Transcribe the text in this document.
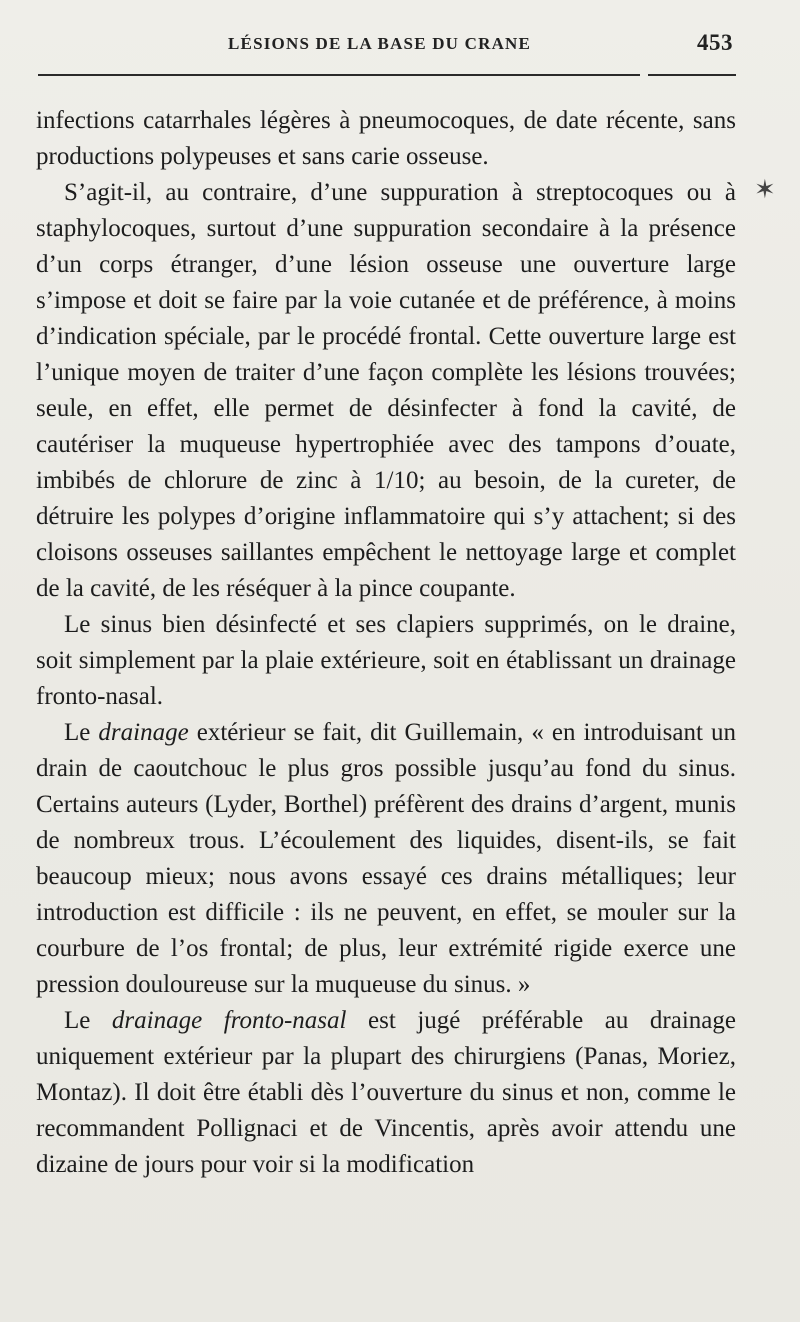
LÉSIONS DE LA BASE DU CRANE	453
✶

infections catarrhales légères à pneumocoques, de date récente, sans productions polypeuses et sans carie osseuse.

S’agit-il, au contraire, d’une suppuration à streptocoques ou à staphylocoques, surtout d’une suppuration secondaire à la présence d’un corps étranger, d’une lésion osseuse une ouverture large s’impose et doit se faire par la voie cutanée et de préférence, à moins d’indication spéciale, par le procédé frontal. Cette ouverture large est l’unique moyen de traiter d’une façon complète les lésions trouvées; seule, en effet, elle permet de désinfecter à fond la cavité, de cautériser la muqueuse hypertrophiée avec des tampons d’ouate, imbibés de chlorure de zinc à 1/10; au besoin, de la cureter, de détruire les polypes d’origine inflammatoire qui s’y attachent; si des cloisons osseuses saillantes empêchent le nettoyage large et complet de la cavité, de les réséquer à la pince coupante.

Le sinus bien désinfecté et ses clapiers supprimés, on le draine, soit simplement par la plaie extérieure, soit en établissant un drainage fronto-nasal.

Le drainage extérieur se fait, dit Guillemain, « en introduisant un drain de caoutchouc le plus gros possible jusqu’au fond du sinus. Certains auteurs (Lyder, Borthel) préfèrent des drains d’argent, munis de nombreux trous. L’écoulement des liquides, disent-ils, se fait beaucoup mieux; nous avons essayé ces drains métalliques; leur introduction est difficile : ils ne peuvent, en effet, se mouler sur la courbure de l’os frontal; de plus, leur extrémité rigide exerce une pression douloureuse sur la muqueuse du sinus. »

Le drainage fronto-nasal est jugé préférable au drainage uniquement extérieur par la plupart des chirurgiens (Panas, Moriez, Montaz). Il doit être établi dès l’ouverture du sinus et non, comme le recommandent Pollignaci et de Vincentis, après avoir attendu une dizaine de jours pour voir si la modification
